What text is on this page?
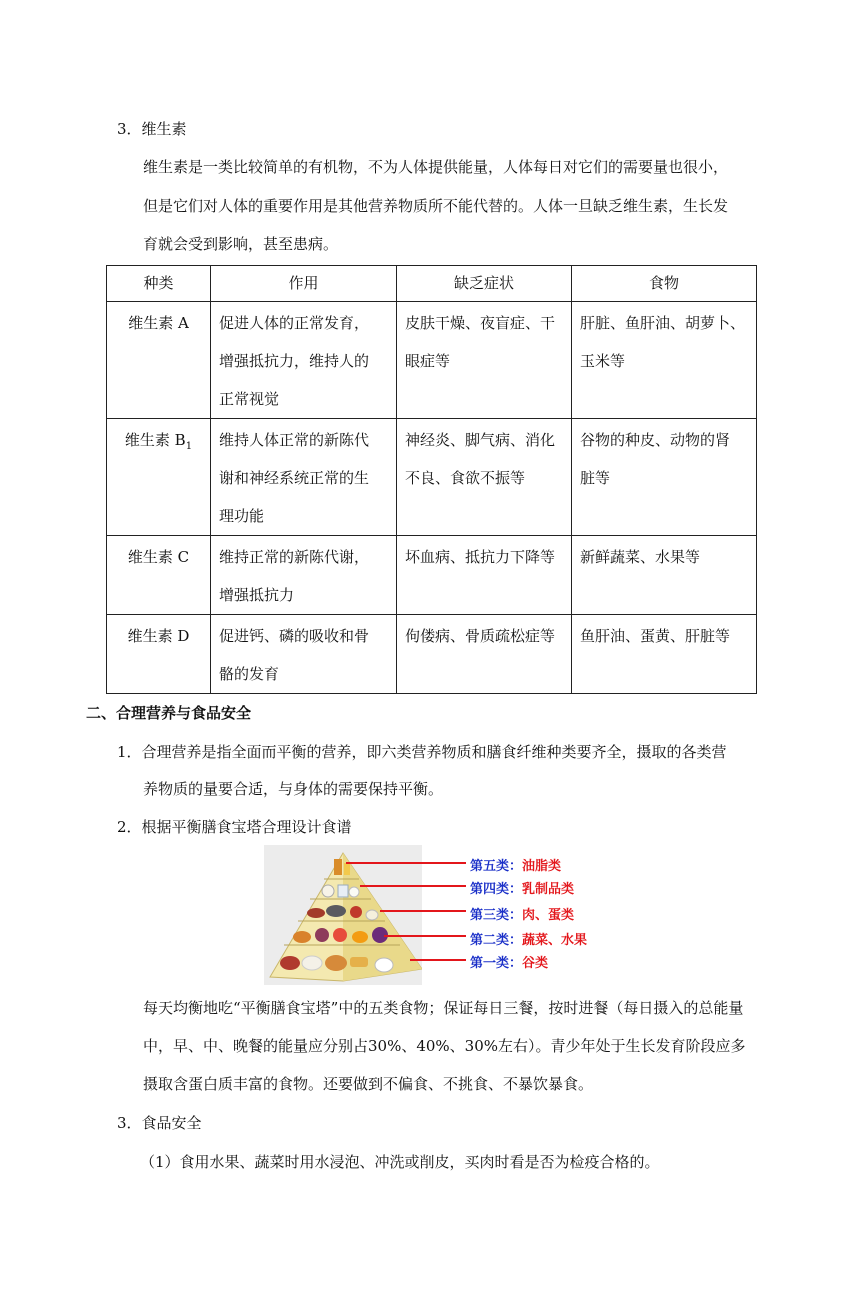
3．维生素
维生素是一类比较简单的有机物，不为人体提供能量，人体每日对它们的需要量也很小，
但是它们对人体的重要作用是其他营养物质所不能代替的。人体一旦缺乏维生素，生长发
育就会受到影响，甚至患病。
种类	作用	缺乏症状	食物
维生素 A	促进人体的正常发育，
增强抵抗力，维持人的
正常视觉	皮肤干燥、夜盲症、干
眼症等	肝脏、鱼肝油、胡萝卜、
玉米等

维生素 $B_1$	维持人体正常的新陈代
谢和神经系统正常的生
理功能	神经炎、脚气病、消化
不良、食欲不振等	谷物的种皮、动物的肾
脏等

维生素 C	维持正常的新陈代谢，
增强抵抗力	坏血病、抵抗力下降等	新鲜蔬菜、水果等

维生素 D	促进钙、磷的吸收和骨
骼的发育	佝偻病、骨质疏松症等	鱼肝油、蛋黄、肝脏等
二、合理营养与食品安全
1．合理营养是指全面而平衡的营养，即六类营养物质和膳食纤维种类要齐全，摄取的各类营
养物质的量要合适，与身体的需要保持平衡。
2．根据平衡膳食宝塔合理设计食谱
第五类：油脂类
第四类：乳制品类
第三类：肉、蛋类
第二类：蔬菜、水果
第一类：谷类
每天均衡地吃“平衡膳食宝塔”中的五类食物；保证每日三餐，按时进餐（每日摄入的总能量
中，早、中、晚餐的能量应分别占30%、40%、30%左右）。青少年处于生长发育阶段应多
摄取含蛋白质丰富的食物。还要做到不偏食、不挑食、不暴饮暴食。
3．食品安全
（1）食用水果、蔬菜时用水浸泡、冲洗或削皮，买肉时看是否为检疫合格的。
